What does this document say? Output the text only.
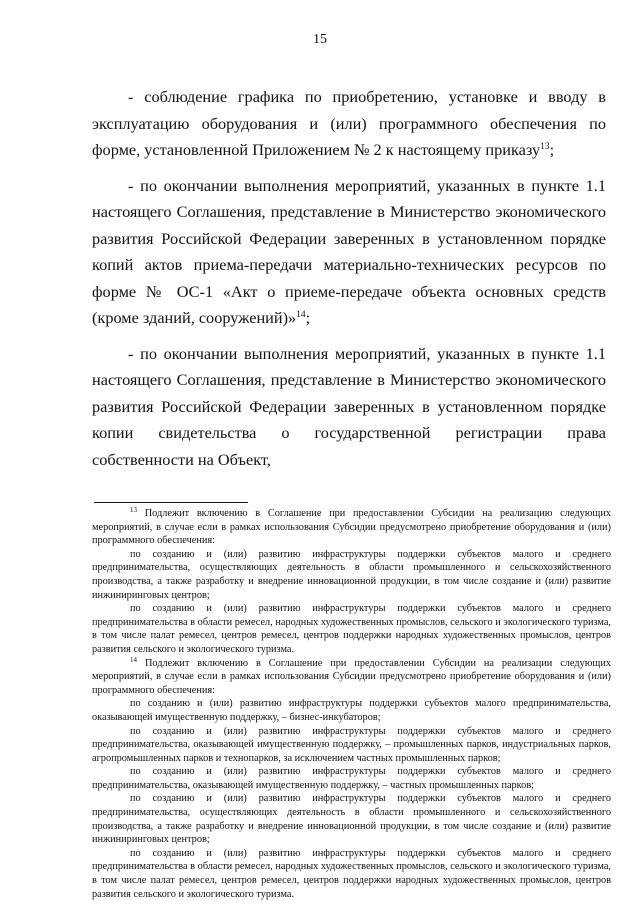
15

- соблюдение графика по приобретению, установке и вводу в эксплуатацию оборудования и (или) программного обеспечения по форме, установленной Приложением № 2 к настоящему приказу$^{13}$;

- по окончании выполнения мероприятий, указанных в пункте 1.1 настоящего Соглашения, представление в Министерство экономического развития Российской Федерации заверенных в установленном порядке копий актов приема-передачи материально-технических ресурсов по форме № ОС-1 «Акт о приеме-передаче объекта основных средств (кроме зданий, сооружений)»$^{14}$;

- по окончании выполнения мероприятий, указанных в пункте 1.1 настоящего Соглашения, представление в Министерство экономического развития Российской Федерации заверенных в установленном порядке копии свидетельства о государственной регистрации права собственности на Объект,

$^{13}$ Подлежит включению в Соглашение при предоставлении Субсидии на реализацию следующих мероприятий, в случае если в рамках использования Субсидии предусмотрено приобретение оборудования и (или) программного обеспечения:

по созданию и (или) развитию инфраструктуры поддержки субъектов малого и среднего предпринимательства, осуществляющих деятельность в области промышленного и сельскохозяйственного производства, а также разработку и внедрение инновационной продукции, в том числе создание и (или) развитие инжиниринговых центров;

по созданию и (или) развитию инфраструктуры поддержки субъектов малого и среднего предпринимательства в области ремесел, народных художественных промыслов, сельского и экологического туризма, в том числе палат ремесел, центров ремесел, центров поддержки народных художественных промыслов, центров развития сельского и экологического туризма.

$^{14}$ Подлежит включению в Соглашение при предоставлении Субсидии на реализации следующих мероприятий, в случае если в рамках использования Субсидии предусмотрено приобретение оборудования и (или) программного обеспечения:

по созданию и (или) развитию инфраструктуры поддержки субъектов малого предпринимательства, оказывающей имущественную поддержку, – бизнес-инкубаторов;

по созданию и (или) развитию инфраструктуры поддержки субъектов малого и среднего предпринимательства, оказывающей имущественную поддержку, – промышленных парков, индустриальных парков, агропромышленных парков и технопарков, за исключением частных промышленных парков;

по созданию и (или) развитию инфраструктуры поддержки субъектов малого и среднего предпринимательства, оказывающей имущественную поддержку, – частных промышленных парков;

по созданию и (или) развитию инфраструктуры поддержки субъектов малого и среднего предпринимательства, осуществляющих деятельность в области промышленного и сельскохозяйственного производства, а также разработку и внедрение инновационной продукции, в том числе создание и (или) развитие инжиниринговых центров;

по созданию и (или) развитию инфраструктуры поддержки субъектов малого и среднего предпринимательства в области ремесел, народных художественных промыслов, сельского и экологического туризма, в том числе палат ремесел, центров ремесел, центров поддержки народных художественных промыслов, центров развития сельского и экологического туризма.
